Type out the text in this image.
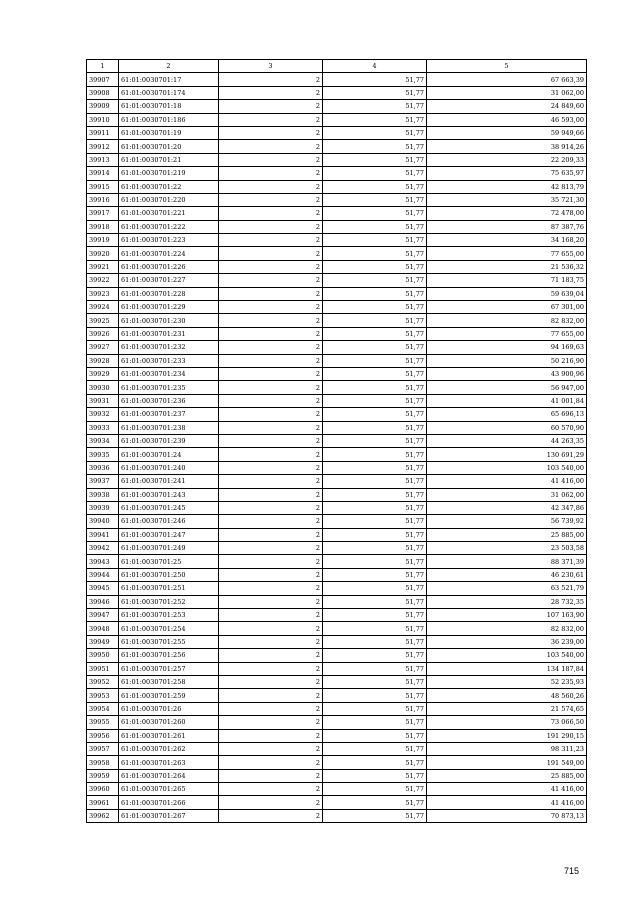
1	2	3	4	5
39907	61:01:0030701:17	2	51,77	67 663,39
39908	61:01:0030701:174	2	51,77	31 062,00
39909	61:01:0030701:18	2	51,77	24 849,60
39910	61:01:0030701:186	2	51,77	46 593,00
39911	61:01:0030701:19	2	51,77	59 949,66
39912	61:01:0030701:20	2	51,77	38 914,26
39913	61:01:0030701:21	2	51,77	22 209,33
39914	61:01:0030701:219	2	51,77	75 635,97
39915	61:01:0030701:22	2	51,77	42 813,79
39916	61:01:0030701:220	2	51,77	35 721,30
39917	61:01:0030701:221	2	51,77	72 478,00
39918	61:01:0030701:222	2	51,77	87 387,76
39919	61:01:0030701:223	2	51,77	34 168,20
39920	61:01:0030701:224	2	51,77	77 655,00
39921	61:01:0030701:226	2	51,77	21 536,32
39922	61:01:0030701:227	2	51,77	71 183,75
39923	61:01:0030701:228	2	51,77	59 639,04
39924	61:01:0030701:229	2	51,77	67 301,00
39925	61:01:0030701:230	2	51,77	82 832,00
39926	61:01:0030701:231	2	51,77	77 655,00
39927	61:01:0030701:232	2	51,77	94 169,63
39928	61:01:0030701:233	2	51,77	50 216,90
39929	61:01:0030701:234	2	51,77	43 900,96
39930	61:01:0030701:235	2	51,77	56 947,00
39931	61:01:0030701:236	2	51,77	41 001,84
39932	61:01:0030701:237	2	51,77	65 696,13
39933	61:01:0030701:238	2	51,77	60 570,90
39934	61:01:0030701:239	2	51,77	44 263,35
39935	61:01:0030701:24	2	51,77	130 691,29
39936	61:01:0030701:240	2	51,77	103 540,00
39937	61:01:0030701:241	2	51,77	41 416,00
39938	61:01:0030701:243	2	51,77	31 062,00
39939	61:01:0030701:245	2	51,77	42 347,86
39940	61:01:0030701:246	2	51,77	56 739,92
39941	61:01:0030701:247	2	51,77	25 885,00
39942	61:01:0030701:249	2	51,77	23 503,58
39943	61:01:0030701:25	2	51,77	88 371,39
39944	61:01:0030701:250	2	51,77	46 230,61
39945	61:01:0030701:251	2	51,77	63 521,79
39946	61:01:0030701:252	2	51,77	28 732,35
39947	61:01:0030701:253	2	51,77	107 163,90
39948	61:01:0030701:254	2	51,77	82 832,00
39949	61:01:0030701:255	2	51,77	36 239,00
39950	61:01:0030701:256	2	51,77	103 540,00
39951	61:01:0030701:257	2	51,77	134 187,84
39952	61:01:0030701:258	2	51,77	52 235,93
39953	61:01:0030701:259	2	51,77	48 560,26
39954	61:01:0030701:26	2	51,77	21 574,65
39955	61:01:0030701:260	2	51,77	73 066,50
39956	61:01:0030701:261	2	51,77	191 290,15
39957	61:01:0030701:262	2	51,77	98 311,23
39958	61:01:0030701:263	2	51,77	191 549,00
39959	61:01:0030701:264	2	51,77	25 885,00
39960	61:01:0030701:265	2	51,77	41 416,00
39961	61:01:0030701:266	2	51,77	41 416,00
39962	61:01:0030701:267	2	51,77	70 873,13
715
